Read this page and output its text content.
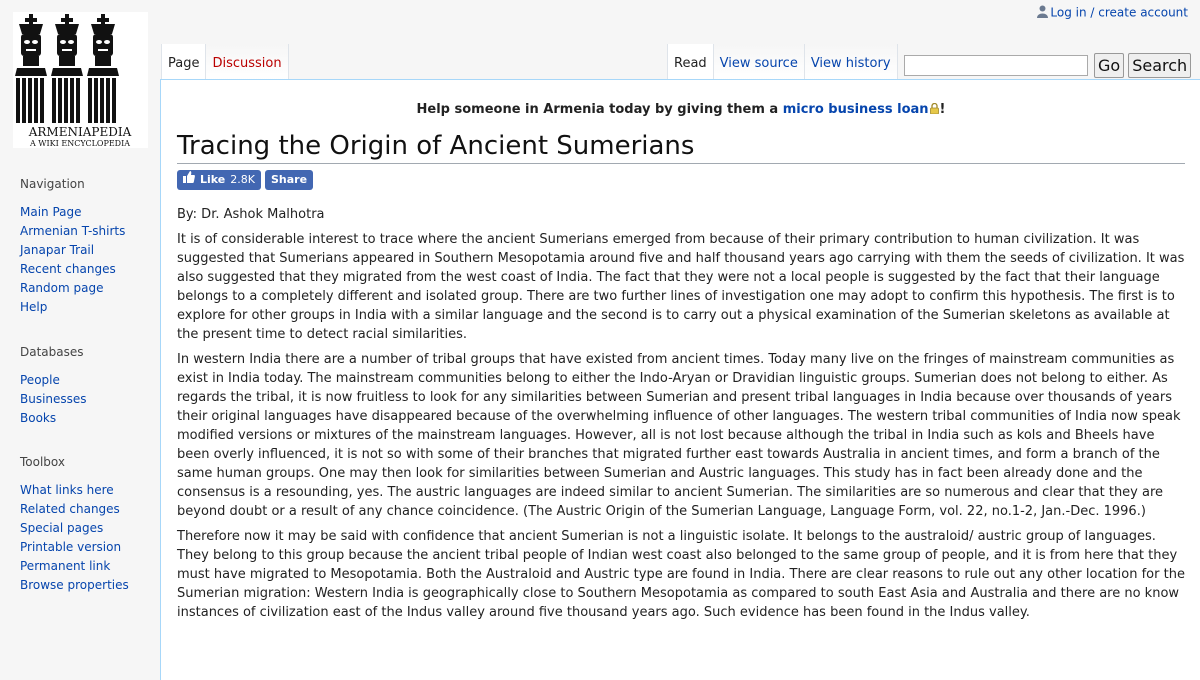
ARMENIAPEDIA
A WIKI ENCYCLOPEDIA
Log in / create account
Page	Discussion	Read	View source	View history	Go Search
Help someone in Armenia today by giving them a micro business loan !
Tracing the Origin of Ancient Sumerians
Like 2.8K	Share

By: Dr. Ashok Malhotra

It is of considerable interest to trace where the ancient Sumerians emerged from because of their primary contribution to human civilization. It was suggested that Sumerians appeared in Southern Mesopotamia around five and half thousand years ago carrying with them the seeds of civilization. It was also suggested that they migrated from the west coast of India. The fact that they were not a local people is suggested by the fact that their language belongs to a completely different and isolated group. There are two further lines of investigation one may adopt to confirm this hypothesis. The first is to explore for other groups in India with a similar language and the second is to carry out a physical examination of the Sumerian skeletons as available at the present time to detect racial similarities.

In western India there are a number of tribal groups that have existed from ancient times. Today many live on the fringes of mainstream communities as exist in India today. The mainstream communities belong to either the Indo-Aryan or Dravidian linguistic groups. Sumerian does not belong to either. As regards the tribal, it is now fruitless to look for any similarities between Sumerian and present tribal languages in India because over thousands of years their original languages have disappeared because of the overwhelming influence of other languages. The western tribal communities of India now speak modified versions or mixtures of the mainstream languages. However, all is not lost because although the tribal in India such as kols and Bheels have been overly influenced, it is not so with some of their branches that migrated further east towards Australia in ancient times, and form a branch of the same human groups. One may then look for similarities between Sumerian and Austric languages. This study has in fact been already done and the consensus is a resounding, yes. The austric languages are indeed similar to ancient Sumerian. The similarities are so numerous and clear that they are beyond doubt or a result of any chance coincidence. (The Austric Origin of the Sumerian Language, Language Form, vol. 22, no.1-2, Jan.-Dec. 1996.)

Therefore now it may be said with confidence that ancient Sumerian is not a linguistic isolate. It belongs to the australoid/ austric group of languages. They belong to this group because the ancient tribal people of Indian west coast also belonged to the same group of people, and it is from here that they must have migrated to Mesopotamia. Both the Australoid and Austric type are found in India. There are clear reasons to rule out any other location for the Sumerian migration: Western India is geographically close to Southern Mesopotamia as compared to south East Asia and Australia and there are no know instances of civilization east of the Indus valley around five thousand years ago. Such evidence has been found in the Indus valley.

Navigation
Main Page
Armenian T-shirts
Janapar Trail
Recent changes
Random page
Help
Databases
People
Businesses
Books
Toolbox
What links here
Related changes
Special pages
Printable version
Permanent link
Browse properties
